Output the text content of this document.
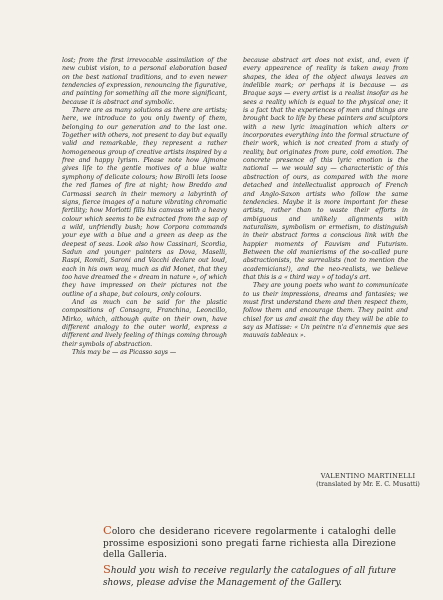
lost; from the first irrevocable assimilation of the new cubist vision, to a personal elaboration based on the best national traditions, and to even newer tendencies of expression, renouncing the figurative, and painting for something all the more significant, because it is abstract and symbolic.

There are as many solutions as there are artists; here, we introduce to you only twenty of them, belonging to our generation and to the last one. Together with others, not present to day but equally valid and remarkable, they represent a rather homogeneous group of creative artists inspired by a free and happy lyrism. Please note how Ajmone gives life to the gentle motives of a blue waltz symphony of delicate colours; how Birolli lets loose the red flames of fire at night; how Breddo and Carmassi search in their memory a labyrinth of signs, fierce images of a nature vibrating chromatic fertility; how Morlotti fills his canvass with a heavy colour which seems to be extracted from the sap of a wild, unfriendly bush; how Corpora commands your eye with a blue and a green as deep as the deepest of seas. Look also how Cassinari, Scordia, Sadun and younger painters as Dova, Maselli, Raspi, Romiti, Saroni and Vacchi declare out loud, each in his own way, much as did Monet, that they too have dreamed the « dream in nature », of which they have impressed on their pictures not the outline of a shape, but colours, only colours.

And as much can be said for the plastic compositions of Consagra, Franchina, Leoncillo, Mirko, which, although quite on their own, have different analogy to the outer world, express a different and lively feeling of things coming through their symbols of abstraction.

This may be — as Picasso says —

because abstract art does not exist, and, even if every appearence of reality is taken away from shapes, the idea of the object always leaves an indelible mark; or perhaps it is because — as Braque says — every artist is a realist insofar as he sees a reality which is equal to the physical one; it is a fact that the experiences of men and things are brought back to life by these painters and sculptors with a new lyric imagination which alters or incorporates everything into the formal structure of their work, which is not created from a study of reality, but originates from pure, cold emotion. The concrete presence of this lyric emotion is the national — we would say — characteristic of this abstraction of ours, as compared with the more detached and intellectualist approach of French and Anglo-Saxon artists who follow the same tendencies. Maybe it is more important for these artists, rather than to waste their efforts in ambiguous and unlikely alignments with naturalism, symbolism or ermetism, to distinguish in their abstract forms a conscious link with the happier moments of Fauvism and Futurism. Between the old manierisms of the so-called pure abstractionists, the surrealists (not to mention the academicians!), and the neo-realists, we believe that this is a « third way » of today's art.

They are young poets who want to communicate to us their impressions, dreams and fantasies; we must first understand them and then respect them, follow them and encourage them. They paint and chisel for us and await the day they will be able to say as Matisse: « Un peintre n'a d'ennemis que ses mauvais tableaux ».

VALENTINO MARTINELLI
(translated by Mr. E. C. Musatti)
Coloro che desiderano ricevere regolarmente i cataloghi delle prossime esposizioni sono pregati farne richiesta alla Direzione della Galleria.
Should you wish to receive regularly the catalogues of all future shows, please advise the Management of the Gallery.
